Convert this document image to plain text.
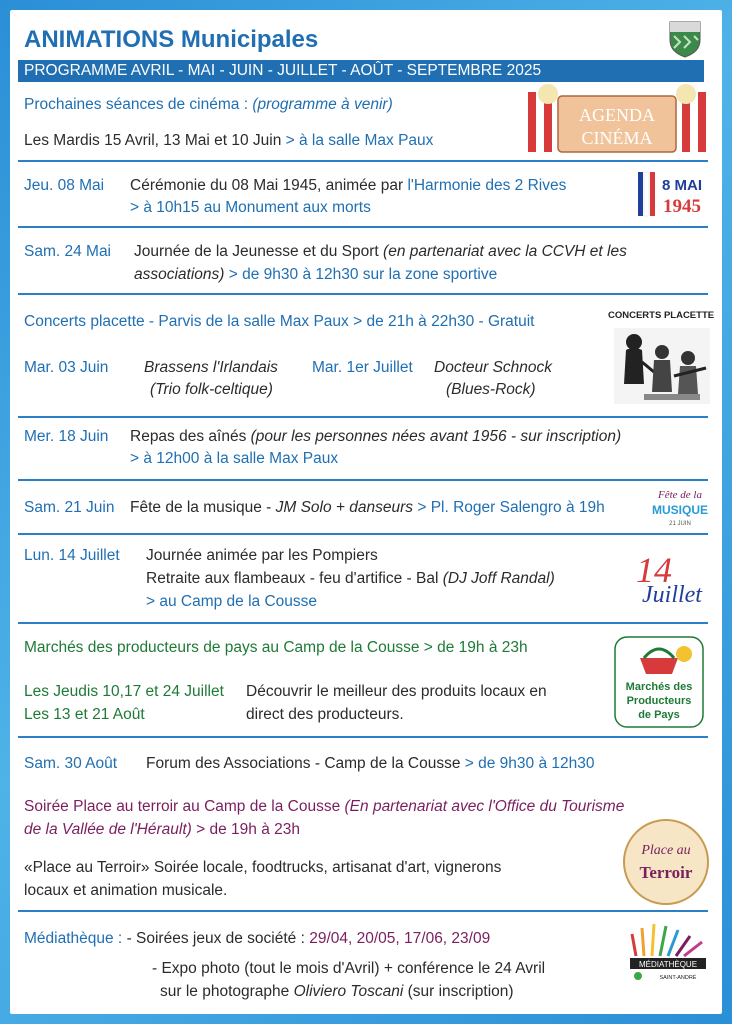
ANIMATIONS Municipales
PROGRAMME AVRIL - MAI - JUIN - JUILLET - AOÛT - SEPTEMBRE 2025
Prochaines séances de cinéma : (programme à venir)
Les Mardis 15 Avril, 13 Mai et 10 Juin > à la salle Max Paux
AGENDA
CINÉMA
Jeu. 08 Mai Cérémonie du 08 Mai 1945, animée par l'Harmonie des 2 Rives
> à 10h15 au Monument aux morts
8 MAI
1945
Sam. 24 Mai Journée de la Jeunesse et du Sport (en partenariat avec la CCVH et les
associations) > de 9h30 à 12h30 sur la zone sportive
Concerts placette - Parvis de la salle Max Paux > de 21h à 22h30 - Gratuit	CONCERTS PLACETTE
Mar. 03 Juin Brassens l'Irlandais
(Trio folk-celtique)
Mar. 1er Juillet Docteur Schnock
(Blues-Rock)
Mer. 18 Juin Repas des aînés (pour les personnes nées avant 1956 - sur inscription)
> à 12h00 à la salle Max Paux
Sam. 21 Juin Fête de la musique - JM Solo + danseurs > Pl. Roger Salengro à 19h
Fête de la
MUSIQUE
21 JUIN
Lun. 14 Juillet Journée animée par les Pompiers
Retraite aux flambeaux - feu d'artifice - Bal (DJ Joff Randal)
> au Camp de la Cousse
14
Juillet
Marchés des producteurs de pays au Camp de la Cousse > de 19h à 23h
Les Jeudis 10,17 et 24 Juillet
Les 13 et 21 Août
Découvrir le meilleur des produits locaux en
direct des producteurs.
Marchés des
Producteurs
de Pays
Sam. 30 Août Forum des Associations - Camp de la Cousse > de 9h30 à 12h30
Soirée Place au terroir au Camp de la Cousse (En partenariat avec l'Office du Tourisme
de la Vallée de l'Hérault) > de 19h à 23h
«Place au Terroir» Soirée locale, foodtrucks, artisanat d'art, vignerons
locaux et animation musicale.
Place au
Terroir
Médiathèque : - Soirées jeux de société : 29/04, 20/05, 17/06, 23/09
- Expo photo (tout le mois d'Avril) + conférence le 24 Avril
sur le photographe Oliviero Toscani (sur inscription)
MÉDIATHÈQUE
SAINT-ANDRÉ
